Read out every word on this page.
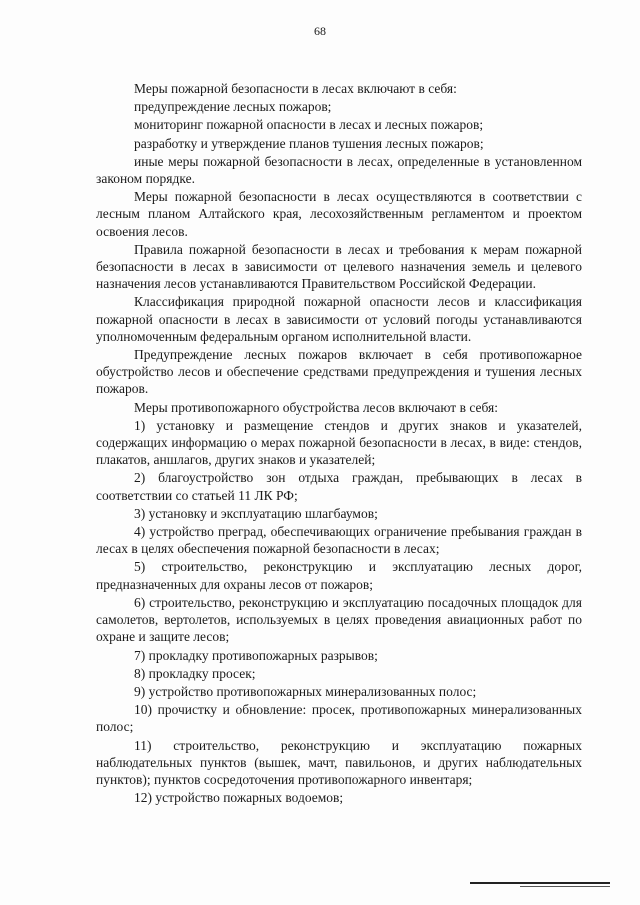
68

Меры пожарной безопасности в лесах включают в себя:

предупреждение лесных пожаров;

мониторинг пожарной опасности в лесах и лесных пожаров;

разработку и утверждение планов тушения лесных пожаров;

иные меры пожарной безопасности в лесах, определенные в установленном законом порядке.

Меры пожарной безопасности в лесах осуществляются в соответствии с лесным планом Алтайского края, лесохозяйственным регламентом и проектом освоения лесов.

Правила пожарной безопасности в лесах и требования к мерам пожарной безопасности в лесах в зависимости от целевого назначения земель и целевого назначения лесов устанавливаются Правительством Российской Федерации.

Классификация природной пожарной опасности лесов и классификация пожарной опасности в лесах в зависимости от условий погоды устанавливаются уполномоченным федеральным органом исполнительной власти.

Предупреждение лесных пожаров включает в себя противопожарное обустройство лесов и обеспечение средствами предупреждения и тушения лесных пожаров.

Меры противопожарного обустройства лесов включают в себя:

1) установку и размещение стендов и других знаков и указателей, содержащих информацию о мерах пожарной безопасности в лесах, в виде: стендов, плакатов, аншлагов, других знаков и указателей;

2) благоустройство зон отдыха граждан, пребывающих в лесах в соответствии со статьей 11 ЛК РФ;

3) установку и эксплуатацию шлагбаумов;

4) устройство преград, обеспечивающих ограничение пребывания граждан в лесах в целях обеспечения пожарной безопасности в лесах;

5) строительство, реконструкцию и эксплуатацию лесных дорог, предназначенных для охраны лесов от пожаров;

6) строительство, реконструкцию и эксплуатацию посадочных площадок для самолетов, вертолетов, используемых в целях проведения авиационных работ по охране и защите лесов;

7) прокладку противопожарных разрывов;

8) прокладку просек;

9) устройство противопожарных минерализованных полос;

10) прочистку и обновление: просек, противопожарных минерализованных полос;

11) строительство, реконструкцию и эксплуатацию пожарных наблюдательных пунктов (вышек, мачт, павильонов, и других наблюдательных пунктов); пунктов сосредоточения противопожарного инвентаря;

12) устройство пожарных водоемов;
